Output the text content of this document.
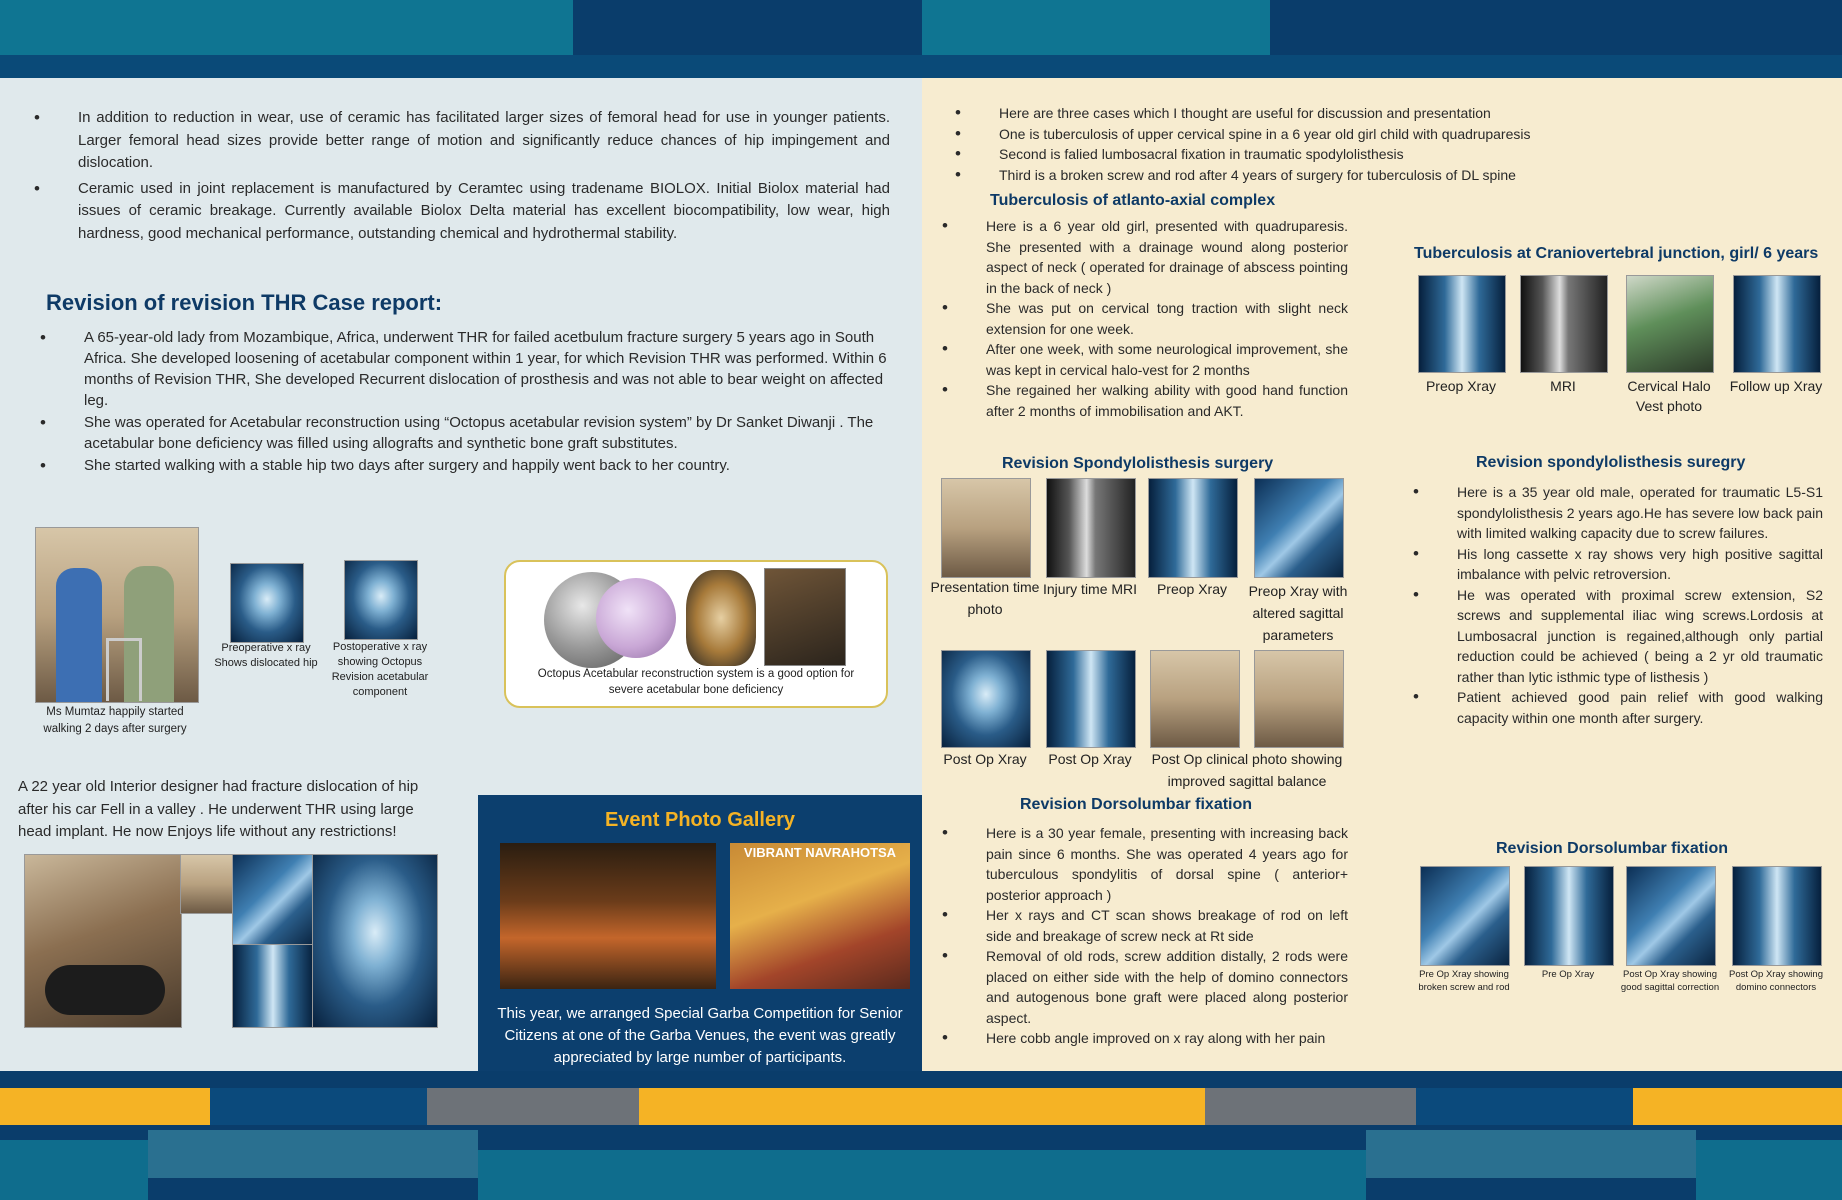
• In addition to reduction in wear, use of ceramic has facilitated larger sizes of femoral head for use in younger patients. Larger femoral head sizes provide better range of motion and significantly reduce chances of hip impingement and dislocation.
• Ceramic used in joint replacement is manufactured by Ceramtec using tradename BIOLOX. Initial Biolox material had issues of ceramic breakage. Currently available Biolox Delta material has excellent biocompatibility, low wear, high hardness, good mechanical performance, outstanding chemical and hydrothermal stability.
Revision of revision THR Case report:
• A 65-year-old lady from Mozambique, Africa, underwent THR for failed acetbulum fracture surgery 5 years ago in South Africa. She developed loosening of acetabular component within 1 year, for which Revision THR was performed. Within 6 months of Revision THR, She developed Recurrent dislocation of prosthesis and was not able to bear weight on affected leg.
• She was operated for Acetabular reconstruction using “Octopus acetabular revision system” by Dr Sanket Diwanji . The acetabular bone deficiency was filled using allografts and synthetic bone graft substitutes.
• She started walking with a stable hip two days after surgery and happily went back to her country.
Ms Mumtaz happily started walking 2 days after surgery
Preoperative x ray Shows dislocated hip
Postoperative x ray showing Octopus Revision acetabular component
Octopus Acetabular reconstruction system is a good option for severe acetabular bone deficiency
A 22 year old Interior designer had fracture dislocation of hip after his car Fell in a valley . He underwent THR using large head implant. He now Enjoys life without any restrictions!
Event Photo Gallery
VIBRANT NAVRAHOTSA
This year, we arranged Special Garba Competition for Senior Citizens at one of the Garba Venues, the event was greatly appreciated by large number of participants.
• Here are three cases which I thought are useful for discussion and presentation
• One is tuberculosis of upper cervical spine in a 6 year old girl child with quadruparesis
• Second is falied lumbosacral fixation in traumatic spodylolisthesis
• Third is a broken screw and rod after 4 years of surgery for tuberculosis of DL spine
Tuberculosis of atlanto-axial complex
• Here is a 6 year old girl, presented with quadruparesis. She presented with a drainage wound along posterior aspect of neck ( operated for drainage of abscess pointing in the back of neck )
• She was put on cervical tong traction with slight neck extension for one week.
• After one week, with some neurological improvement, she was kept in cervical halo-vest for 2 months
• She regained her walking ability with good hand function after 2 months of immobilisation and AKT.
Tuberculosis at Craniovertebral junction, girl/ 6 years
Preop Xray	MRI	Cervical Halo Vest photo
Follow up Xray
Revision Spondylolisthesis surgery
Presentation time photo
Injury time MRI	Preop Xray	Preop Xray with altered sagittal parameters
Post Op Xray	Post Op Xray	Post Op clinical photo showing improved sagittal balance
Revision spondylolisthesis suregry
• Here is a 35 year old male, operated for traumatic L5-S1 spondylolisthesis 2 years ago.He has severe low back pain with limited walking capacity due to screw failures.
• His long cassette x ray shows very high positive sagittal imbalance with pelvic retroversion.
• He was operated with proximal screw extension, S2 screws and supplemental iliac wing screws.Lordosis at Lumbosacral junction is regained,although only partial reduction could be achieved ( being a 2 yr old traumatic rather than lytic isthmic type of listhesis )
• Patient achieved good pain relief with good walking capacity within one month after surgery.
Revision Dorsolumbar fixation
• Here is a 30 year female, presenting with increasing back pain since 6 months. She was operated 4 years ago for tuberculous spondylitis of dorsal spine ( anterior+ posterior approach )
• Her x rays and CT scan shows breakage of rod on left side and breakage of screw neck at Rt side
• Removal of old rods, screw addition distally, 2 rods were placed on either side with the help of domino connectors and autogenous bone graft were placed along posterior aspect.
• Here cobb angle improved on x ray along with her pain
Revision Dorsolumbar fixation
Pre Op Xray showing broken screw and rod
Pre Op Xray	Post Op Xray showing good sagittal correction
Post Op Xray showing domino connectors
